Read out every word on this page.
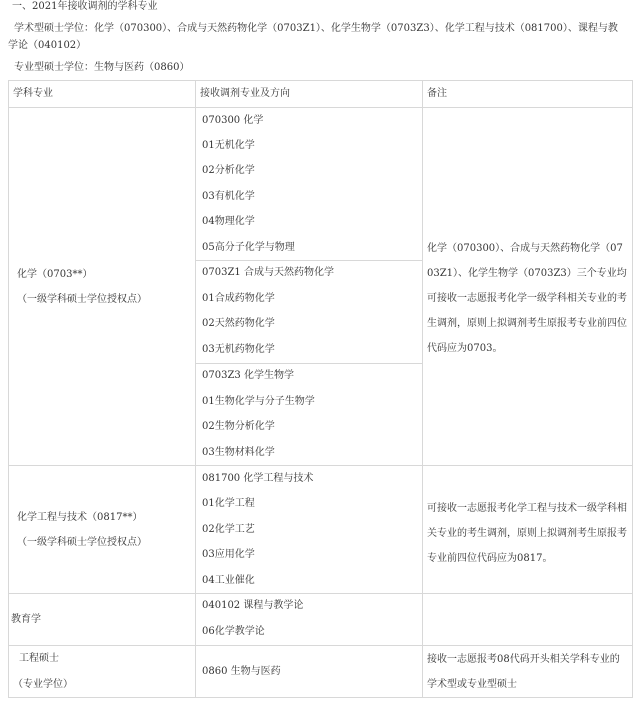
一、2021年接收调剂的学科专业
学术型硕士学位：化学（070300）、合成与天然药物化学（0703Z1）、化学生物学（0703Z3）、化学工程与技术（081700）、课程与教
学论（040102）
专业型硕士学位：生物与医药（0860）
学科专业	接收调剂专业及方向	备注
化学（0703**）
（一级学科硕士学位授权点）
070300 化学
01无机化学
02分析化学
03有机化学
04物理化学
05高分子化学与物理
0703Z1 合成与天然药物化学
01合成药物化学
02天然药物化学
03无机药物化学
0703Z3 化学生物学
01生物化学与分子生物学
02生物分析化学
03生物材料化学
化学（070300）、合成与天然药物化学（0703Z1）、化学生物学（0703Z3）三个专业均可接收一志愿报考化学一级学科相关专业的考生调剂，原则上拟调剂考生原报考专业前四位代码应为0703。
化学工程与技术（0817**）
（一级学科硕士学位授权点）
081700 化学工程与技术
01化学工程
02化学工艺
03应用化学
04工业催化
可接收一志愿报考化学工程与技术一级学科相关专业的考生调剂，原则上拟调剂考生原报考专业前四位代码应为0817。
教育学
040102 课程与教学论
06化学教学论
工程硕士
（专业学位）
0860 生物与医药
接收一志愿报考08代码开头相关学科专业的学术型或专业型硕士
